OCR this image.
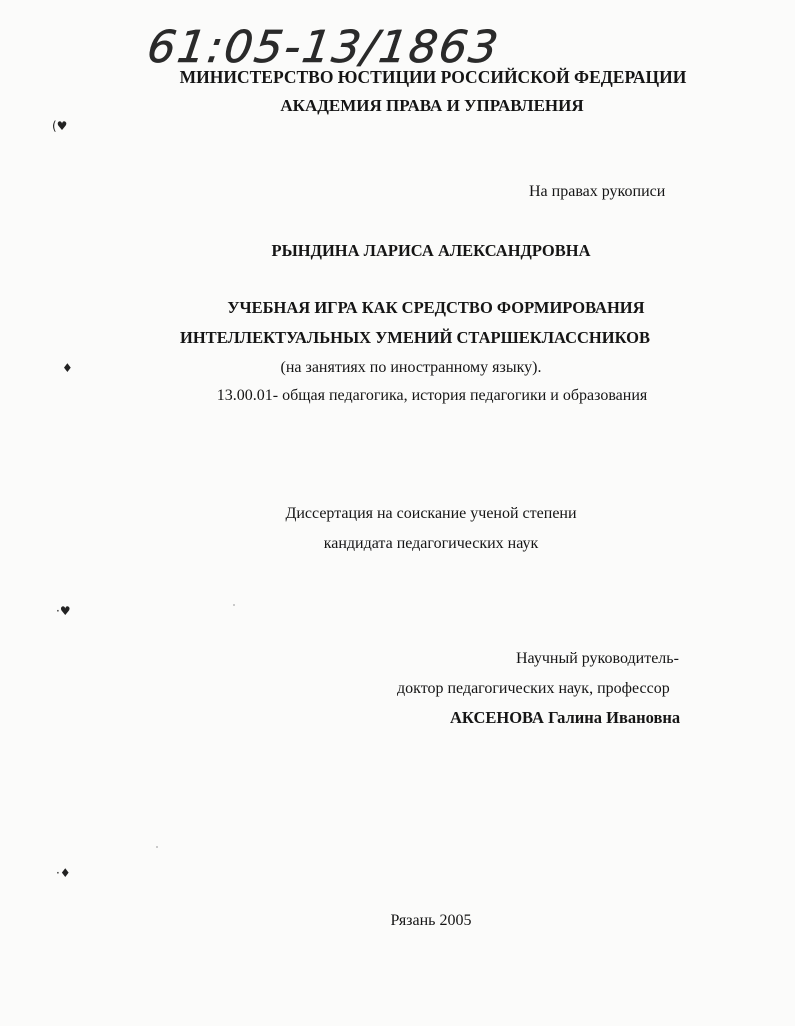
61:05-13/1863
МИНИСТЕРСТВО ЮСТИЦИИ РОССИЙСКОЙ ФЕДЕРАЦИИ
АКАДЕМИЯ ПРАВА И УПРАВЛЕНИЯ
На правах рукописи
РЫНДИНА ЛАРИСА АЛЕКСАНДРОВНА
УЧЕБНАЯ ИГРА КАК СРЕДСТВО ФОРМИРОВАНИЯ
ИНТЕЛЛЕКТУАЛЬНЫХ УМЕНИЙ СТАРШЕКЛАССНИКОВ
(на занятиях по иностранному языку).
13.00.01- общая педагогика, история педагогики и образования
Диссертация на соискание ученой степени
кандидата педагогических наук
Научный руководитель-
доктор педагогических наук, профессор
АКСЕНОВА Галина Ивановна
Рязань 2005
(♥
♦
·♥
·♦
